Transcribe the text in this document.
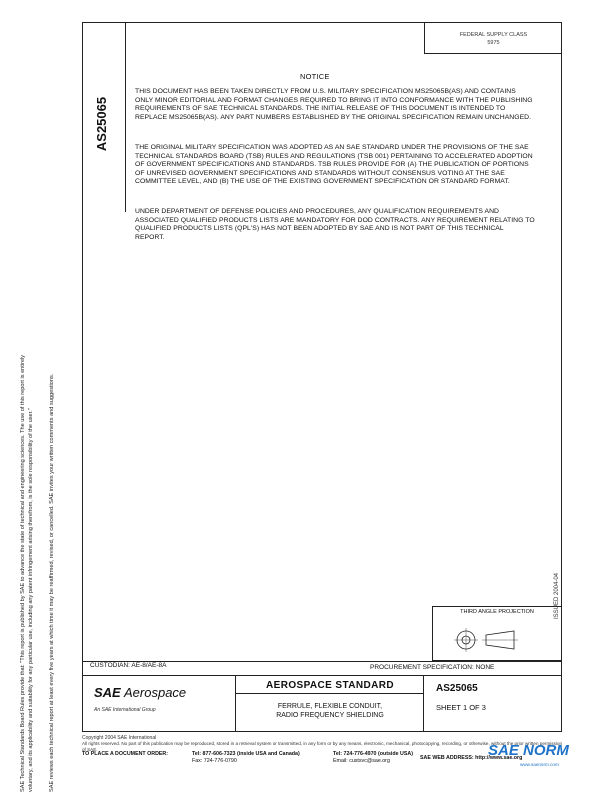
AS25065
FEDERAL SUPPLY CLASS
5975
NOTICE
THIS DOCUMENT HAS BEEN TAKEN DIRECTLY FROM U.S. MILITARY SPECIFICATION MS25065B(AS) AND CONTAINS ONLY MINOR EDITORIAL AND FORMAT CHANGES REQUIRED TO BRING IT INTO CONFORMANCE WITH THE PUBLISHING REQUIREMENTS OF SAE TECHNICAL STANDARDS. THE INITIAL RELEASE OF THIS DOCUMENT IS INTENDED TO REPLACE MS25065B(AS). ANY PART NUMBERS ESTABLISHED BY THE ORIGINAL SPECIFICATION REMAIN UNCHANGED.
THE ORIGINAL MILITARY SPECIFICATION WAS ADOPTED AS AN SAE STANDARD UNDER THE PROVISIONS OF THE SAE TECHNICAL STANDARDS BOARD (TSB) RULES AND REGULATIONS (TSB 001) PERTAINING TO ACCELERATED ADOPTION OF GOVERNMENT SPECIFICATIONS AND STANDARDS. TSB RULES PROVIDE FOR (A) THE PUBLICATION OF PORTIONS OF UNREVISED GOVERNMENT SPECIFICATIONS AND STANDARDS WITHOUT CONSENSUS VOTING AT THE SAE COMMITTEE LEVEL, AND (B) THE USE OF THE EXISTING GOVERNMENT SPECIFICATION OR STANDARD FORMAT.
UNDER DEPARTMENT OF DEFENSE POLICIES AND PROCEDURES, ANY QUALIFICATION REQUIREMENTS AND ASSOCIATED QUALIFIED PRODUCTS LISTS ARE MANDATORY FOR DOD CONTRACTS. ANY REQUIREMENT RELATING TO QUALIFIED PRODUCTS LISTS (QPL'S) HAS NOT BEEN ADOPTED BY SAE AND IS NOT PART OF THIS TECHNICAL REPORT.
ISSUED 2004-04
THIRD ANGLE PROJECTION
CUSTODIAN: AE-8/AE-8A	PROCUREMENT SPECIFICATION: NONE
SAE Aerospace
An SAE International Group
AEROSPACE STANDARD
FERRULE, FLEXIBLE CONDUIT,
RADIO FREQUENCY SHIELDING
AS25065
SHEET 1 OF 3
SAE Technical Standards Board Rules provide that: "This report is published by SAE to advance the state of technical and engineering sciences. The use of this report is entirely voluntary, and its applicability and suitability for any particular use, including any patent infringement arising therefrom, is the sole responsibility of the user."	SAE reviews each technical report at least every five years at which time it may be reaffirmed, revised, or cancelled. SAE invites your written comments and suggestions.	Copyright 2004 SAE International
All rights reserved. No part of this publication may be reproduced, stored in a retrieval system or transmitted, in any form or by any means, electronic, mechanical, photocopying, recording, or otherwise, without the prior written permission of SAE.
TO PLACE A DOCUMENT ORDER:	Tel: 877-606-7323 (inside USA and Canada)	Tel: 724-776-4970 (outside USA)
Fax: 724-776-0790	Email: custsvc@sae.org	SAE WEB ADDRESS: http://www.sae.org
SAE NORM
www.saenorm.com
